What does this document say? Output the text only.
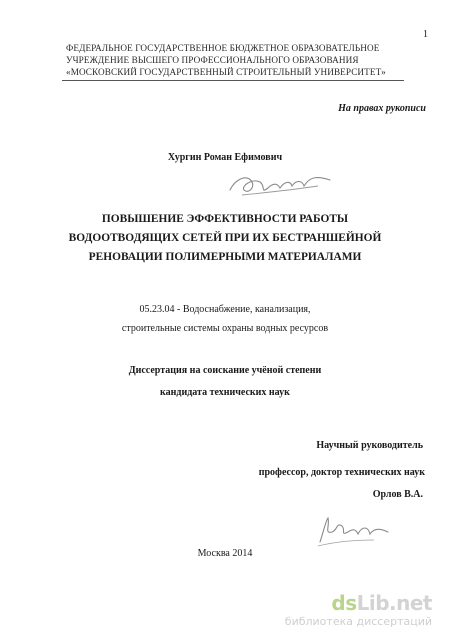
1
ФЕДЕРАЛЬНОЕ ГОСУДАРСТВЕННОЕ БЮДЖЕТНОЕ ОБРАЗОВАТЕЛЬНОЕ
УЧРЕЖДЕНИЕ ВЫСШЕГО ПРОФЕССИОНАЛЬНОГО ОБРАЗОВАНИЯ
«МОСКОВСКИЙ ГОСУДАРСТВЕННЫЙ СТРОИТЕЛЬНЫЙ УНИВЕРСИТЕТ»
На правах рукописи
Хургин Роман Ефимович
ПОВЫШЕНИЕ ЭФФЕКТИВНОСТИ РАБОТЫ
ВОДООТВОДЯЩИХ СЕТЕЙ ПРИ ИХ БЕСТРАНШЕЙНОЙ
РЕНОВАЦИИ ПОЛИМЕРНЫМИ МАТЕРИАЛАМИ
05.23.04 - Водоснабжение, канализация,
строительные системы охраны водных ресурсов
Диссертация на соискание учёной степени
кандидата технических наук
Научный руководитель
профессор, доктор технических наук
Орлов В.А.
Москва 2014
dsLib.net
библиотека диссертаций
